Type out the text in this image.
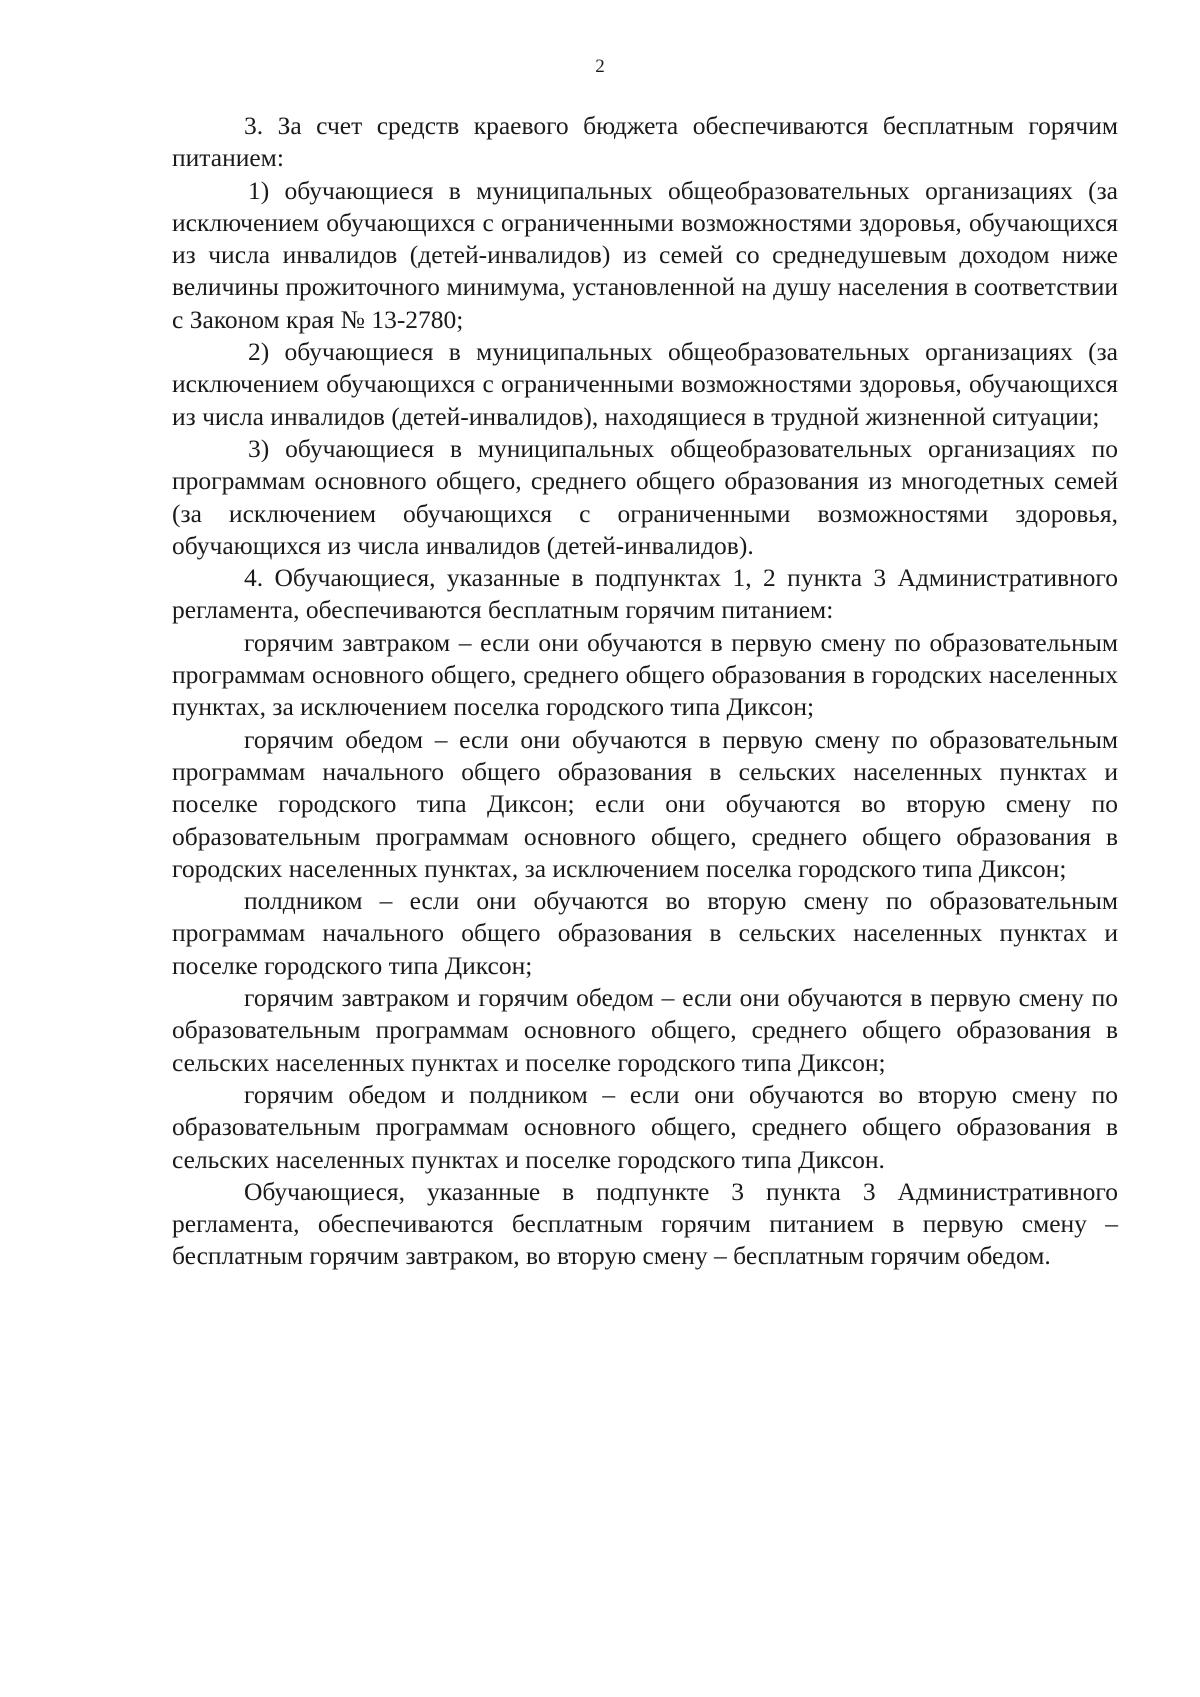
2

3. За счет средств краевого бюджета обеспечиваются бесплатным горячим питанием:

1) обучающиеся в муниципальных общеобразовательных организациях (за исключением обучающихся с ограниченными возможностями здоровья, обучающихся из числа инвалидов (детей-инвалидов) из семей со среднедушевым доходом ниже величины прожиточного минимума, установленной на душу населения в соответствии с Законом края № 13-2780;

2) обучающиеся в муниципальных общеобразовательных организациях (за исключением обучающихся с ограниченными возможностями здоровья, обучающихся из числа инвалидов (детей-инвалидов), находящиеся в трудной жизненной ситуации;

3) обучающиеся в муниципальных общеобразовательных организациях по программам основного общего, среднего общего образования из многодетных семей (за исключением обучающихся с ограниченными возможностями здоровья, обучающихся из числа инвалидов (детей-инвалидов).

4. Обучающиеся, указанные в подпунктах 1, 2 пункта 3 Административного регламента, обеспечиваются бесплатным горячим питанием:

горячим завтраком – если они обучаются в первую смену по образовательным программам основного общего, среднего общего образования в городских населенных пунктах, за исключением поселка городского типа Диксон;

горячим обедом – если они обучаются в первую смену по образовательным программам начального общего образования в сельских населенных пунктах и поселке городского типа Диксон; если они обучаются во вторую смену по образовательным программам основного общего, среднего общего образования в городских населенных пунктах, за исключением поселка городского типа Диксон;

полдником – если они обучаются во вторую смену по образовательным программам начального общего образования в сельских населенных пунктах и поселке городского типа Диксон;

горячим завтраком и горячим обедом – если они обучаются в первую смену по образовательным программам основного общего, среднего общего образования в сельских населенных пунктах и поселке городского типа Диксон;

горячим обедом и полдником – если они обучаются во вторую смену по образовательным программам основного общего, среднего общего образования в сельских населенных пунктах и поселке городского типа Диксон.

Обучающиеся, указанные в подпункте 3 пункта 3 Административного регламента, обеспечиваются бесплатным горячим питанием в первую смену – бесплатным горячим завтраком, во вторую смену – бесплатным горячим обедом.
